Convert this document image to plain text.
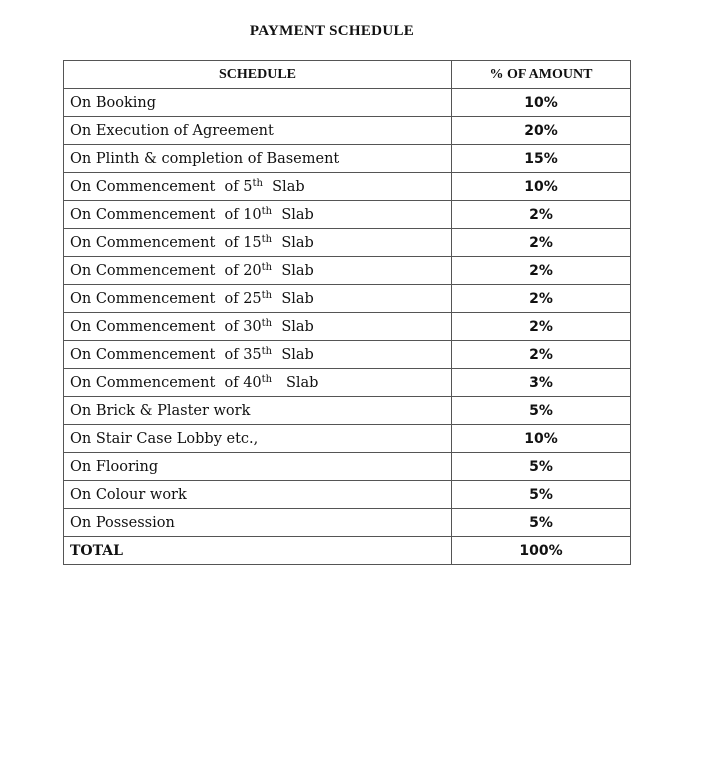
PAYMENT SCHEDULE
SCHEDULE	% OF AMOUNT
On Booking	10%
On Execution of Agreement	20%
On Plinth & completion of Basement	15%
On Commencement  of 5th  Slab	10%
On Commencement  of 10th  Slab	2%
On Commencement  of 15th  Slab	2%
On Commencement  of 20th  Slab	2%
On Commencement  of 25th  Slab	2%
On Commencement  of 30th  Slab	2%
On Commencement  of 35th  Slab	2%
On Commencement  of 40th   Slab	3%
On Brick & Plaster work	5%
On Stair Case Lobby etc.,	10%
On Flooring	5%
On Colour work	5%
On Possession	5%
TOTAL	100%
